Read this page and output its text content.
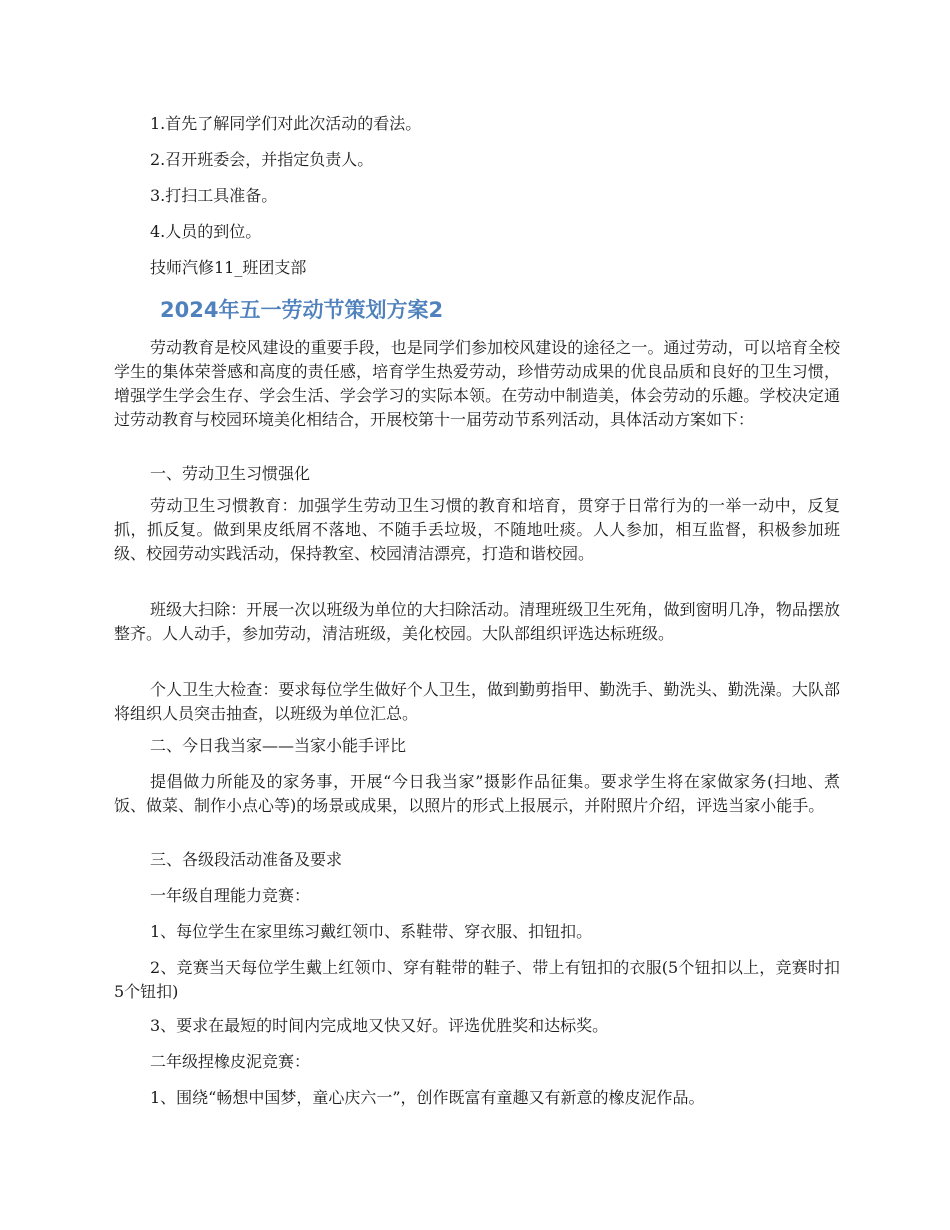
1.首先了解同学们对此次活动的看法。
2.召开班委会，并指定负责人。
3.打扫工具准备。
4.人员的到位。
技师汽修11_班团支部
2024年五一劳动节策划方案2

劳动教育是校风建设的重要手段，也是同学们参加校风建设的途径之一。通过劳动，可以培育全校学生的集体荣誉感和高度的责任感，培育学生热爱劳动，珍惜劳动成果的优良品质和良好的卫生习惯，增强学生学会生存、学会生活、学会学习的实际本领。在劳动中制造美，体会劳动的乐趣。学校决定通过劳动教育与校园环境美化相结合，开展校第十一届劳动节系列活动，具体活动方案如下：

一、劳动卫生习惯强化

劳动卫生习惯教育：加强学生劳动卫生习惯的教育和培育，贯穿于日常行为的一举一动中，反复抓，抓反复。做到果皮纸屑不落地、不随手丢垃圾，不随地吐痰。人人参加，相互监督，积极参加班级、校园劳动实践活动，保持教室、校园清洁漂亮，打造和谐校园。

班级大扫除：开展一次以班级为单位的大扫除活动。清理班级卫生死角，做到窗明几净，物品摆放整齐。人人动手，参加劳动，清洁班级，美化校园。大队部组织评选达标班级。

个人卫生大检查：要求每位学生做好个人卫生，做到勤剪指甲、勤洗手、勤洗头、勤洗澡。大队部将组织人员突击抽查，以班级为单位汇总。

二、今日我当家——当家小能手评比

提倡做力所能及的家务事，开展“今日我当家”摄影作品征集。要求学生将在家做家务(扫地、煮饭、做菜、制作小点心等)的场景或成果，以照片的形式上报展示，并附照片介绍，评选当家小能手。

三、各级段活动准备及要求
一年级自理能力竞赛：

1、每位学生在家里练习戴红领巾、系鞋带、穿衣服、扣钮扣。

2、竞赛当天每位学生戴上红领巾、穿有鞋带的鞋子、带上有钮扣的衣服(5个钮扣以上，竞赛时扣5个钮扣)

3、要求在最短的时间内完成地又快又好。评选优胜奖和达标奖。

二年级捏橡皮泥竞赛：

1、围绕“畅想中国梦，童心庆六一”，创作既富有童趣又有新意的橡皮泥作品。
